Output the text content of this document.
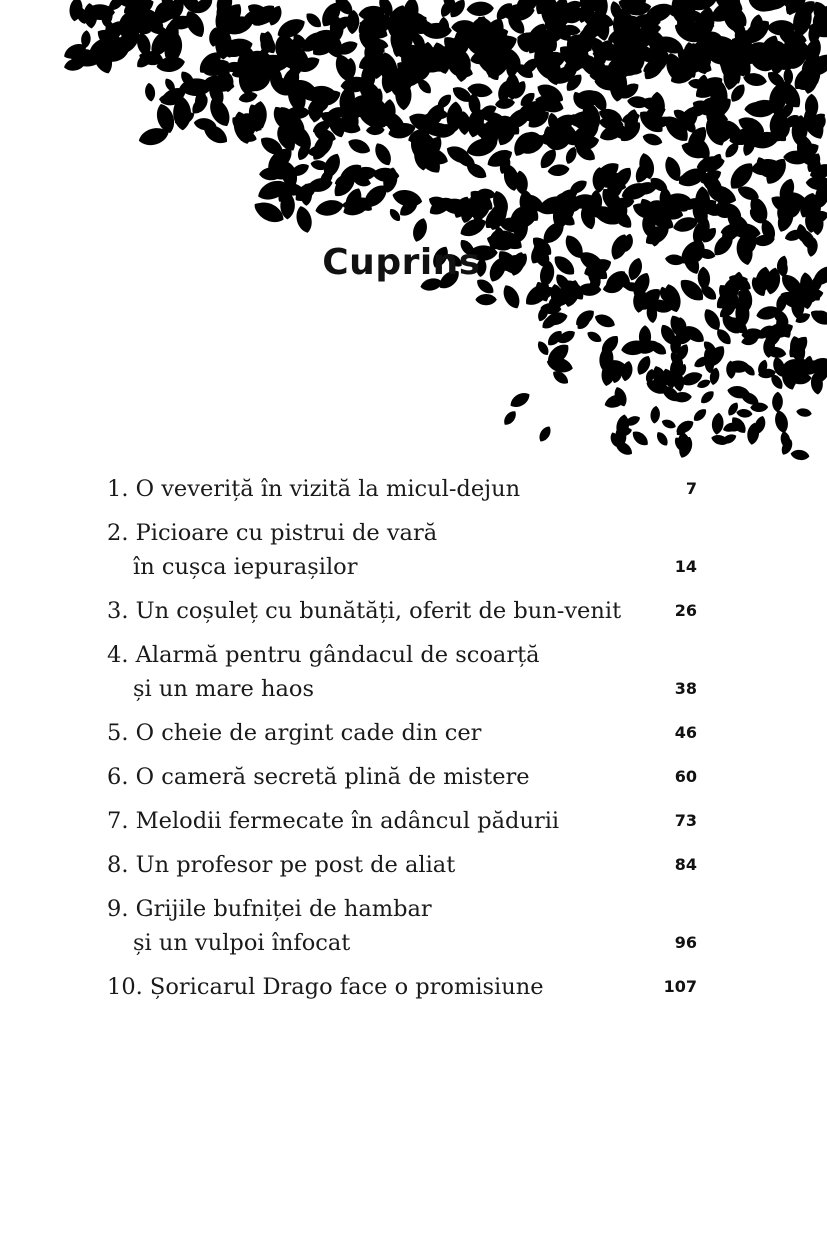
Cuprins
1. O veveriță în vizită la micul-dejun	7
2. Picioare cu pistrui de vară
în cușca iepurașilor	14
3. Un coșuleț cu bunătăți, oferit de bun-venit	26
4. Alarmă pentru gândacul de scoarță
și un mare haos	38
5. O cheie de argint cade din cer	46
6. O cameră secretă plină de mistere	60
7. Melodii fermecate în adâncul pădurii	73
8. Un profesor pe post de aliat	84
9. Grijile bufniței de hambar
și un vulpoi înfocat	96
10. Șoricarul Drago face o promisiune	107
